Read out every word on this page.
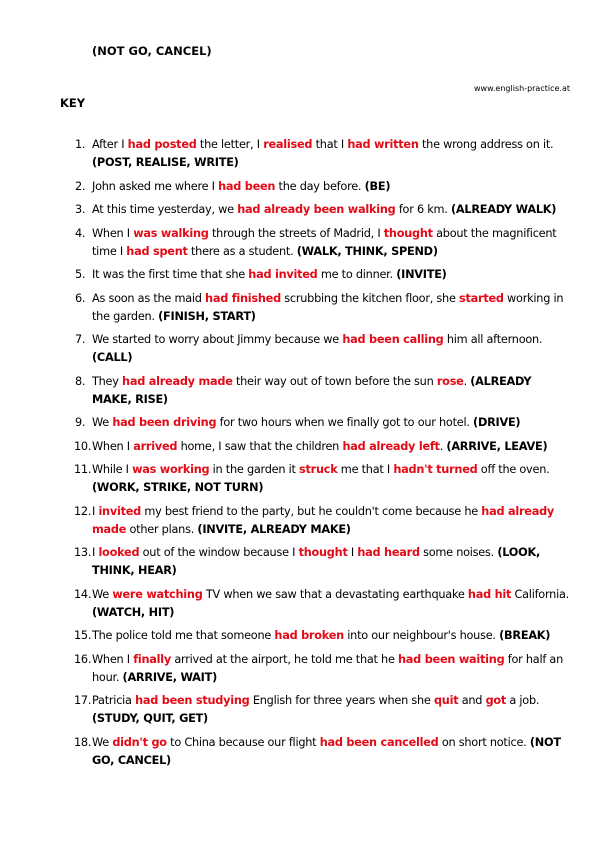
(NOT GO, CANCEL)
www.english-practice.at
KEY
1. After I had posted the letter, I realised that I had written the wrong address on it. (POST, REALISE, WRITE)
2. John asked me where I had been the day before. (BE)
3. At this time yesterday, we had already been walking for 6 km. (ALREADY WALK)
4. When I was walking through the streets of Madrid, I thought about the magnificent time I had spent there as a student. (WALK, THINK, SPEND)
5. It was the first time that she had invited me to dinner. (INVITE)
6. As soon as the maid had finished scrubbing the kitchen floor, she started working in the garden. (FINISH, START)
7. We started to worry about Jimmy because we had been calling him all afternoon. (CALL)
8. They had already made their way out of town before the sun rose. (ALREADY MAKE, RISE)
9. We had been driving for two hours when we finally got to our hotel. (DRIVE)
10. When I arrived home, I saw that the children had already left. (ARRIVE, LEAVE)
11. While I was working in the garden it struck me that I hadn't turned off the oven. (WORK, STRIKE, NOT TURN)
12. I invited my best friend to the party, but he couldn't come because he had already made other plans. (INVITE, ALREADY MAKE)
13. I looked out of the window because I thought I had heard some noises. (LOOK, THINK, HEAR)
14. We were watching TV when we saw that a devastating earthquake had hit California. (WATCH, HIT)
15. The police told me that someone had broken into our neighbour's house. (BREAK)
16. When I finally arrived at the airport, he told me that he had been waiting for half an hour. (ARRIVE, WAIT)
17. Patricia had been studying English for three years when she quit and got a job. (STUDY, QUIT, GET)
18. We didn't go to China because our flight had been cancelled on short notice. (NOT GO, CANCEL)
